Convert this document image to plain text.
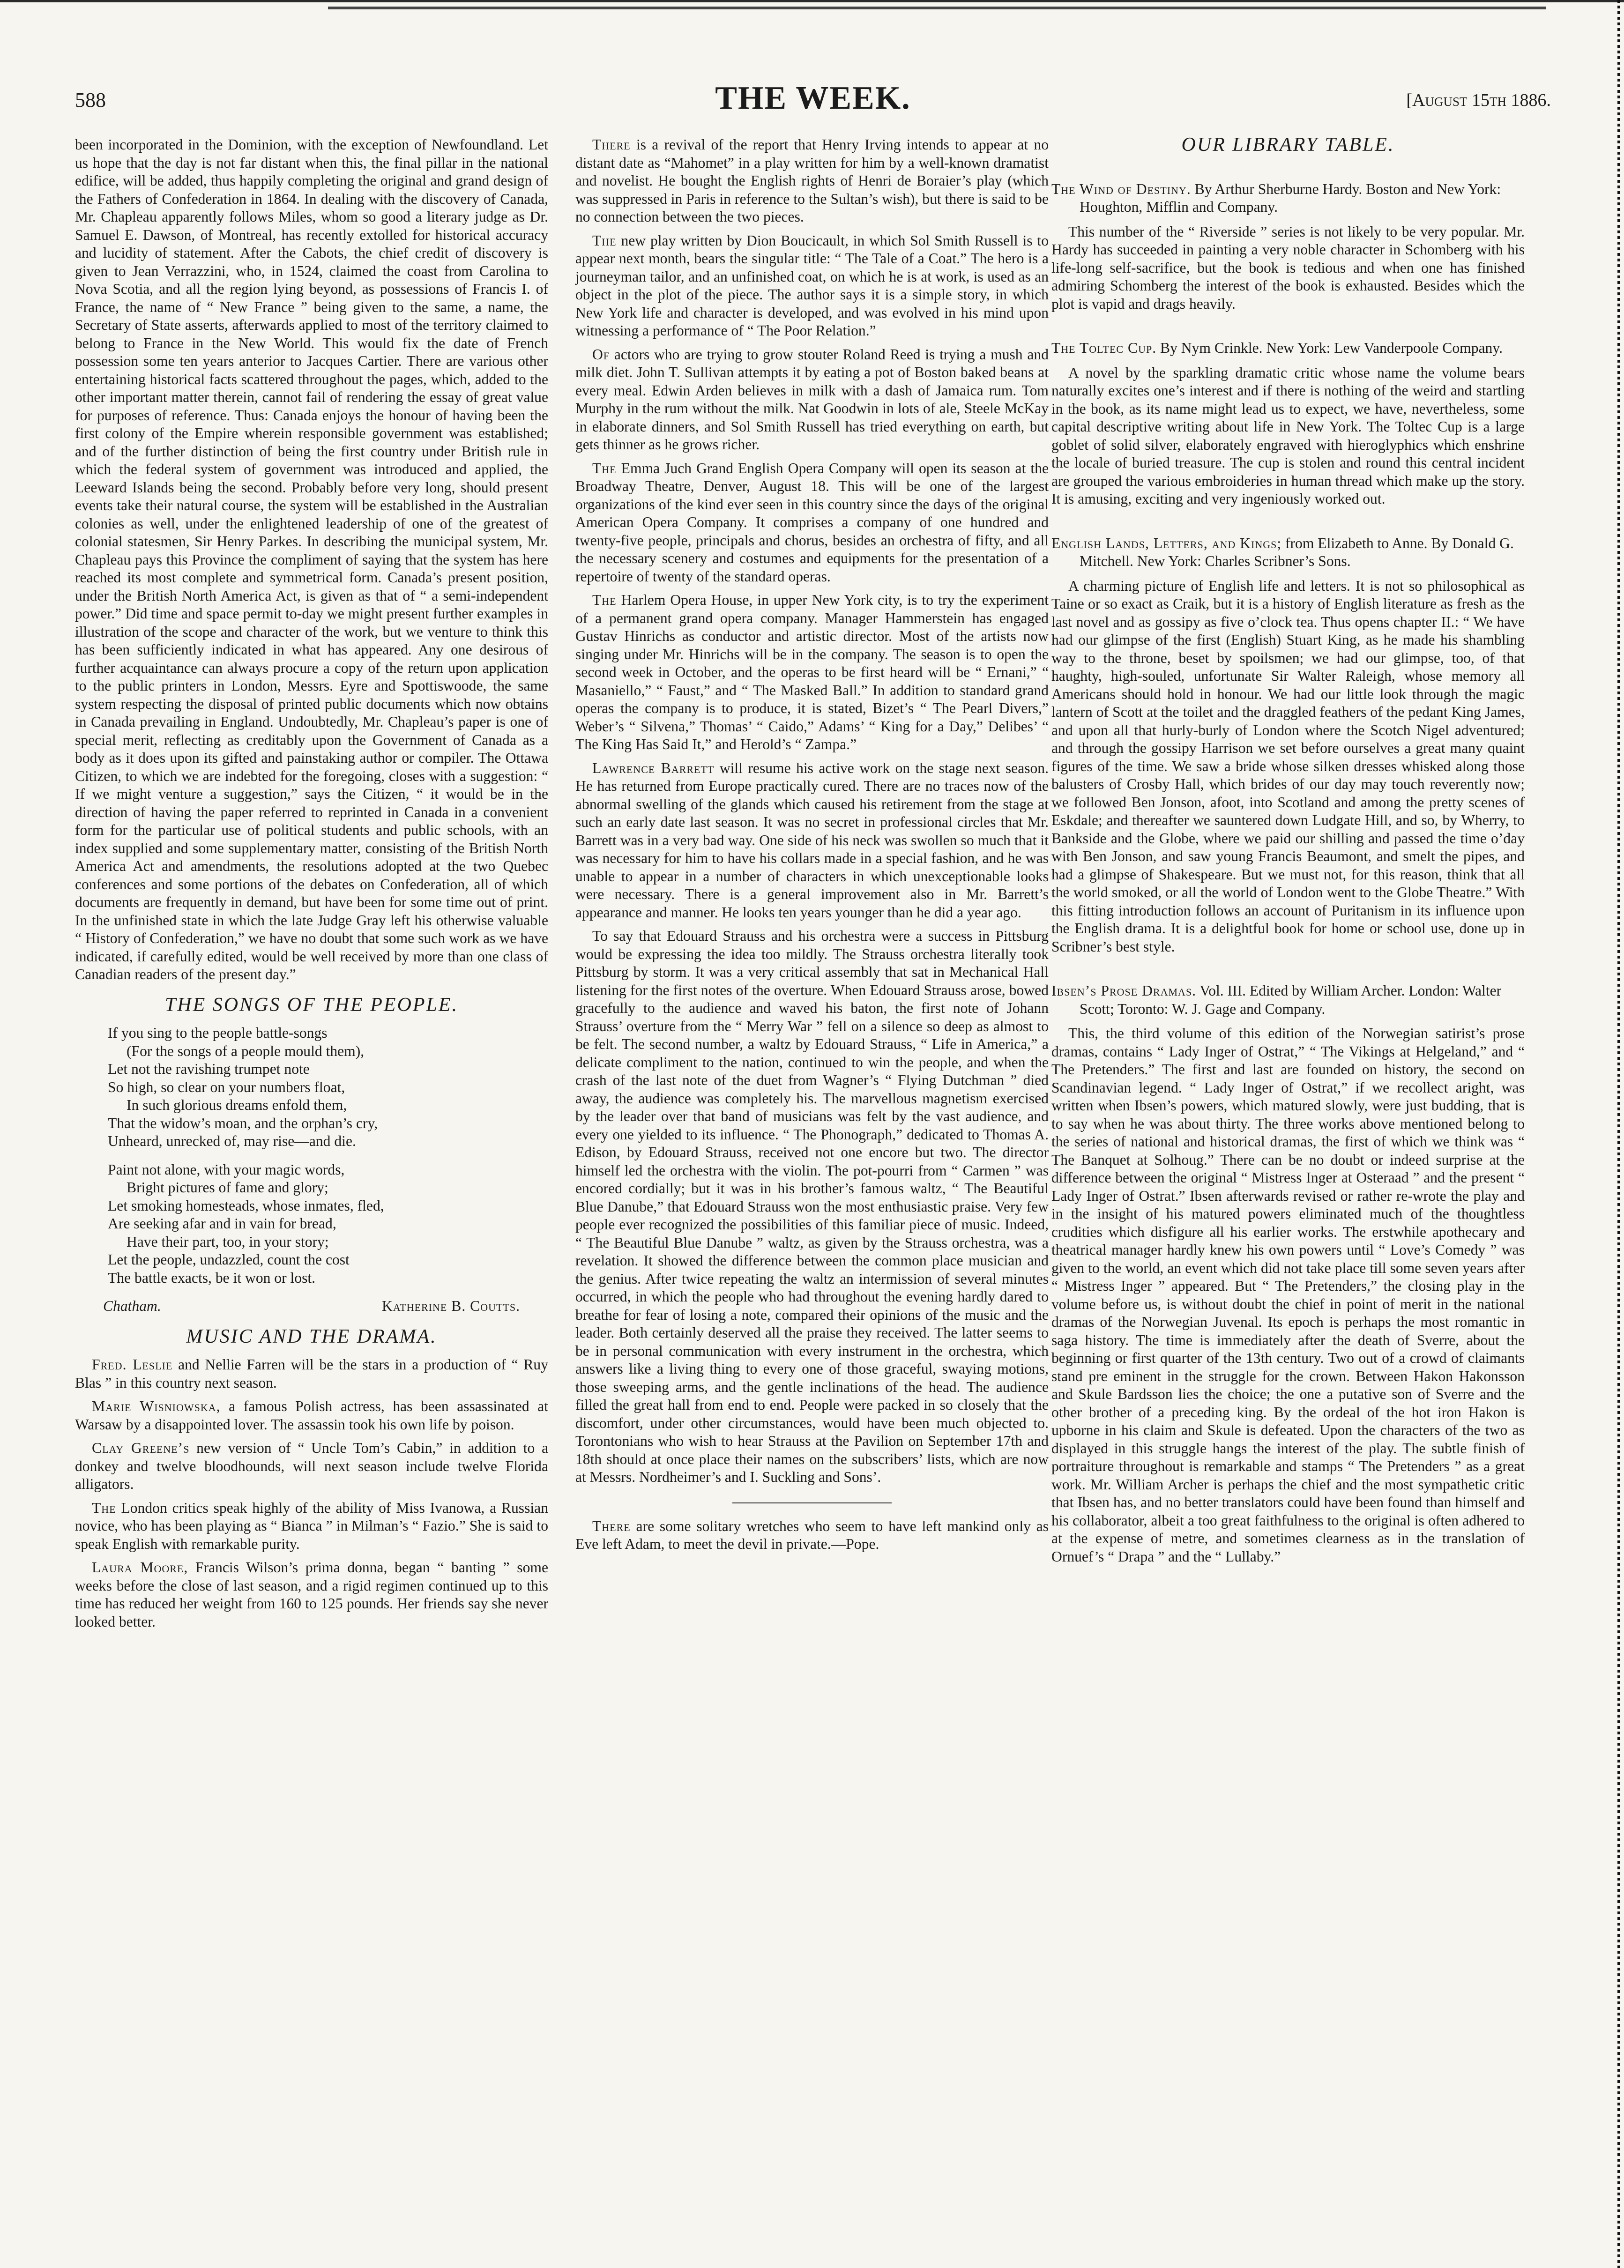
588	THE WEEK.	[August 15th 1886.

been incorporated in the Dominion, with the exception of Newfoundland. Let us hope that the day is not far distant when this, the final pillar in the national edifice, will be added, thus happily completing the original and grand design of the Fathers of Confederation in 1864. In dealing with the discovery of Canada, Mr. Chapleau apparently follows Miles, whom so good a literary judge as Dr. Samuel E. Dawson, of Montreal, has recently extolled for historical accuracy and lucidity of statement. After the Cabots, the chief credit of discovery is given to Jean Verrazzini, who, in 1524, claimed the coast from Carolina to Nova Scotia, and all the region lying beyond, as possessions of Francis I. of France, the name of “ New France ” being given to the same, a name, the Secretary of State asserts, afterwards applied to most of the territory claimed to belong to France in the New World. This would fix the date of French possession some ten years anterior to Jacques Cartier. There are various other entertaining historical facts scattered throughout the pages, which, added to the other important matter therein, cannot fail of rendering the essay of great value for purposes of reference. Thus: Canada enjoys the honour of having been the first colony of the Empire wherein responsible government was established; and of the further distinction of being the first country under British rule in which the federal system of government was introduced and applied, the Leeward Islands being the second. Probably before very long, should present events take their natural course, the system will be established in the Australian colonies as well, under the enlightened leadership of one of the greatest of colonial statesmen, Sir Henry Parkes. In describing the municipal system, Mr. Chapleau pays this Province the compliment of saying that the system has here reached its most complete and symmetrical form. Canada’s present position, under the British North America Act, is given as that of “ a semi-independent power.” Did time and space permit to-day we might present further examples in illustration of the scope and character of the work, but we venture to think this has been sufficiently indicated in what has appeared. Any one desirous of further acquaintance can always procure a copy of the return upon application to the public printers in London, Messrs. Eyre and Spottiswoode, the same system respecting the disposal of printed public documents which now obtains in Canada prevailing in England. Undoubtedly, Mr. Chapleau’s paper is one of special merit, reflecting as creditably upon the Government of Canada as a body as it does upon its gifted and painstaking author or compiler. The Ottawa Citizen, to which we are indebted for the foregoing, closes with a suggestion: “ If we might venture a suggestion,” says the Citizen, “ it would be in the direction of having the paper referred to reprinted in Canada in a convenient form for the particular use of political students and public schools, with an index supplied and some supplementary matter, consisting of the British North America Act and amendments, the resolutions adopted at the two Quebec conferences and some portions of the debates on Confederation, all of which documents are frequently in demand, but have been for some time out of print. In the unfinished state in which the late Judge Gray left his otherwise valuable “ History of Confederation,” we have no doubt that some such work as we have indicated, if carefully edited, would be well received by more than one class of Canadian readers of the present day.”

THE SONGS OF THE PEOPLE.
If you sing to the people battle-songs
(For the songs of a people mould them),
Let not the ravishing trumpet note
So high, so clear on your numbers float,
In such glorious dreams enfold them,
That the widow’s moan, and the orphan’s cry,
Unheard, unrecked of, may rise—and die.
Paint not alone, with your magic words,
Bright pictures of fame and glory;
Let smoking homesteads, whose inmates, fled,
Are seeking afar and in vain for bread,
Have their part, too, in your story;
Let the people, undazzled, count the cost
The battle exacts, be it won or lost.
Chatham.	Katherine B. Coutts.
MUSIC AND THE DRAMA.

Fred. Leslie and Nellie Farren will be the stars in a production of “ Ruy Blas ” in this country next season.

Marie Wisniowska, a famous Polish actress, has been assassinated at Warsaw by a disappointed lover. The assassin took his own life by poison.

Clay Greene’s new version of “ Uncle Tom’s Cabin,” in addition to a donkey and twelve bloodhounds, will next season include twelve Florida alligators.

The London critics speak highly of the ability of Miss Ivanowa, a Russian novice, who has been playing as “ Bianca ” in Milman’s “ Fazio.” She is said to speak English with remarkable purity.

Laura Moore, Francis Wilson’s prima donna, began “ banting ” some weeks before the close of last season, and a rigid regimen continued up to this time has reduced her weight from 160 to 125 pounds. Her friends say she never looked better.

There is a revival of the report that Henry Irving intends to appear at no distant date as “Mahomet” in a play written for him by a well-known dramatist and novelist. He bought the English rights of Henri de Boraier’s play (which was suppressed in Paris in reference to the Sultan’s wish), but there is said to be no connection between the two pieces.

The new play written by Dion Boucicault, in which Sol Smith Russell is to appear next month, bears the singular title: “ The Tale of a Coat.” The hero is a journeyman tailor, and an unfinished coat, on which he is at work, is used as an object in the plot of the piece. The author says it is a simple story, in which New York life and character is developed, and was evolved in his mind upon witnessing a performance of “ The Poor Relation.”

Of actors who are trying to grow stouter Roland Reed is trying a mush and milk diet. John T. Sullivan attempts it by eating a pot of Boston baked beans at every meal. Edwin Arden believes in milk with a dash of Jamaica rum. Tom Murphy in the rum without the milk. Nat Goodwin in lots of ale, Steele McKay in elaborate dinners, and Sol Smith Russell has tried everything on earth, but gets thinner as he grows richer.

The Emma Juch Grand English Opera Company will open its season at the Broadway Theatre, Denver, August 18. This will be one of the largest organizations of the kind ever seen in this country since the days of the original American Opera Company. It comprises a company of one hundred and twenty-five people, principals and chorus, besides an orchestra of fifty, and all the necessary scenery and costumes and equipments for the presentation of a repertoire of twenty of the standard operas.

The Harlem Opera House, in upper New York city, is to try the experiment of a permanent grand opera company. Manager Hammerstein has engaged Gustav Hinrichs as conductor and artistic director. Most of the artists now singing under Mr. Hinrichs will be in the company. The season is to open the second week in October, and the operas to be first heard will be “ Ernani,” “ Masaniello,” “ Faust,” and “ The Masked Ball.” In addition to standard grand operas the company is to produce, it is stated, Bizet’s “ The Pearl Divers,” Weber’s “ Silvena,” Thomas’ “ Caido,” Adams’ “ King for a Day,” Delibes’ “ The King Has Said It,” and Herold’s “ Zampa.”

Lawrence Barrett will resume his active work on the stage next season. He has returned from Europe practically cured. There are no traces now of the abnormal swelling of the glands which caused his retirement from the stage at such an early date last season. It was no secret in professional circles that Mr. Barrett was in a very bad way. One side of his neck was swollen so much that it was necessary for him to have his collars made in a special fashion, and he was unable to appear in a number of characters in which unexceptionable looks were necessary. There is a general improvement also in Mr. Barrett’s appearance and manner. He looks ten years younger than he did a year ago.

To say that Edouard Strauss and his orchestra were a success in Pittsburg would be expressing the idea too mildly. The Strauss orchestra literally took Pittsburg by storm. It was a very critical assembly that sat in Mechanical Hall listening for the first notes of the overture. When Edouard Strauss arose, bowed gracefully to the audience and waved his baton, the first note of Johann Strauss’ overture from the “ Merry War ” fell on a silence so deep as almost to be felt. The second number, a waltz by Edouard Strauss, “ Life in America,” a delicate compliment to the nation, continued to win the people, and when the crash of the last note of the duet from Wagner’s “ Flying Dutchman ” died away, the audience was completely his. The marvellous magnetism exercised by the leader over that band of musicians was felt by the vast audience, and every one yielded to its influence. “ The Phonograph,” dedicated to Thomas A. Edison, by Edouard Strauss, received not one encore but two. The director himself led the orchestra with the violin. The pot-pourri from “ Carmen ” was encored cordially; but it was in his brother’s famous waltz, “ The Beautiful Blue Danube,” that Edouard Strauss won the most enthusiastic praise. Very few people ever recognized the possibilities of this familiar piece of music. Indeed, “ The Beautiful Blue Danube ” waltz, as given by the Strauss orchestra, was a revelation. It showed the difference between the common place musician and the genius. After twice repeating the waltz an intermission of several minutes occurred, in which the people who had throughout the evening hardly dared to breathe for fear of losing a note, compared their opinions of the music and the leader. Both certainly deserved all the praise they received. The latter seems to be in personal communication with every instrument in the orchestra, which answers like a living thing to every one of those graceful, swaying motions, those sweeping arms, and the gentle inclinations of the head. The audience filled the great hall from end to end. People were packed in so closely that the discomfort, under other circumstances, would have been much objected to. Torontonians who wish to hear Strauss at the Pavilion on September 17th and 18th should at once place their names on the subscribers’ lists, which are now at Messrs. Nordheimer’s and I. Suckling and Sons’.

There are some solitary wretches who seem to have left mankind only as Eve left Adam, to meet the devil in private.—Pope.

OUR LIBRARY TABLE.
The Wind of Destiny. By Arthur Sherburne Hardy. Boston and New York: Houghton, Mifflin and Company.

This number of the “ Riverside ” series is not likely to be very popular. Mr. Hardy has succeeded in painting a very noble character in Schomberg with his life-long self-sacrifice, but the book is tedious and when one has finished admiring Schomberg the interest of the book is exhausted. Besides which the plot is vapid and drags heavily.

The Toltec Cup. By Nym Crinkle. New York: Lew Vanderpoole Company.

A novel by the sparkling dramatic critic whose name the volume bears naturally excites one’s interest and if there is nothing of the weird and startling in the book, as its name might lead us to expect, we have, nevertheless, some capital descriptive writing about life in New York. The Toltec Cup is a large goblet of solid silver, elaborately engraved with hieroglyphics which enshrine the locale of buried treasure. The cup is stolen and round this central incident are grouped the various embroideries in human thread which make up the story. It is amusing, exciting and very ingeniously worked out.

English Lands, Letters, and Kings; from Elizabeth to Anne. By Donald G. Mitchell. New York: Charles Scribner’s Sons.

A charming picture of English life and letters. It is not so philosophical as Taine or so exact as Craik, but it is a history of English literature as fresh as the last novel and as gossipy as five o’clock tea. Thus opens chapter II.: “ We have had our glimpse of the first (English) Stuart King, as he made his shambling way to the throne, beset by spoilsmen; we had our glimpse, too, of that haughty, high-souled, unfortunate Sir Walter Raleigh, whose memory all Americans should hold in honour. We had our little look through the magic lantern of Scott at the toilet and the draggled feathers of the pedant King James, and upon all that hurly-burly of London where the Scotch Nigel adventured; and through the gossipy Harrison we set before ourselves a great many quaint figures of the time. We saw a bride whose silken dresses whisked along those balusters of Crosby Hall, which brides of our day may touch reverently now; we followed Ben Jonson, afoot, into Scotland and among the pretty scenes of Eskdale; and thereafter we sauntered down Ludgate Hill, and so, by Wherry, to Bankside and the Globe, where we paid our shilling and passed the time o’day with Ben Jonson, and saw young Francis Beaumont, and smelt the pipes, and had a glimpse of Shakespeare. But we must not, for this reason, think that all the world smoked, or all the world of London went to the Globe Theatre.” With this fitting introduction follows an account of Puritanism in its influence upon the English drama. It is a delightful book for home or school use, done up in Scribner’s best style.

Ibsen’s Prose Dramas. Vol. III. Edited by William Archer. London: Walter Scott; Toronto: W. J. Gage and Company.

This, the third volume of this edition of the Norwegian satirist’s prose dramas, contains “ Lady Inger of Ostrat,” “ The Vikings at Helgeland,” and “ The Pretenders.” The first and last are founded on history, the second on Scandinavian legend. “ Lady Inger of Ostrat,” if we recollect aright, was written when Ibsen’s powers, which matured slowly, were just budding, that is to say when he was about thirty. The three works above mentioned belong to the series of national and historical dramas, the first of which we think was “ The Banquet at Solhoug.” There can be no doubt or indeed surprise at the difference between the original “ Mistress Inger at Osteraad ” and the present “ Lady Inger of Ostrat.” Ibsen afterwards revised or rather re-wrote the play and in the insight of his matured powers eliminated much of the thoughtless crudities which disfigure all his earlier works. The erstwhile apothecary and theatrical manager hardly knew his own powers until “ Love’s Comedy ” was given to the world, an event which did not take place till some seven years after “ Mistress Inger ” appeared. But “ The Pretenders,” the closing play in the volume before us, is without doubt the chief in point of merit in the national dramas of the Norwegian Juvenal. Its epoch is perhaps the most romantic in saga history. The time is immediately after the death of Sverre, about the beginning or first quarter of the 13th century. Two out of a crowd of claimants stand pre eminent in the struggle for the crown. Between Hakon Hakonsson and Skule Bardsson lies the choice; the one a putative son of Sverre and the other brother of a preceding king. By the ordeal of the hot iron Hakon is upborne in his claim and Skule is defeated. Upon the characters of the two as displayed in this struggle hangs the interest of the play. The subtle finish of portraiture throughout is remarkable and stamps “ The Pretenders ” as a great work. Mr. William Archer is perhaps the chief and the most sympathetic critic that Ibsen has, and no better translators could have been found than himself and his collaborator, albeit a too great faithfulness to the original is often adhered to at the expense of metre, and sometimes clearness as in the translation of Ornuef’s “ Drapa ” and the “ Lullaby.”
